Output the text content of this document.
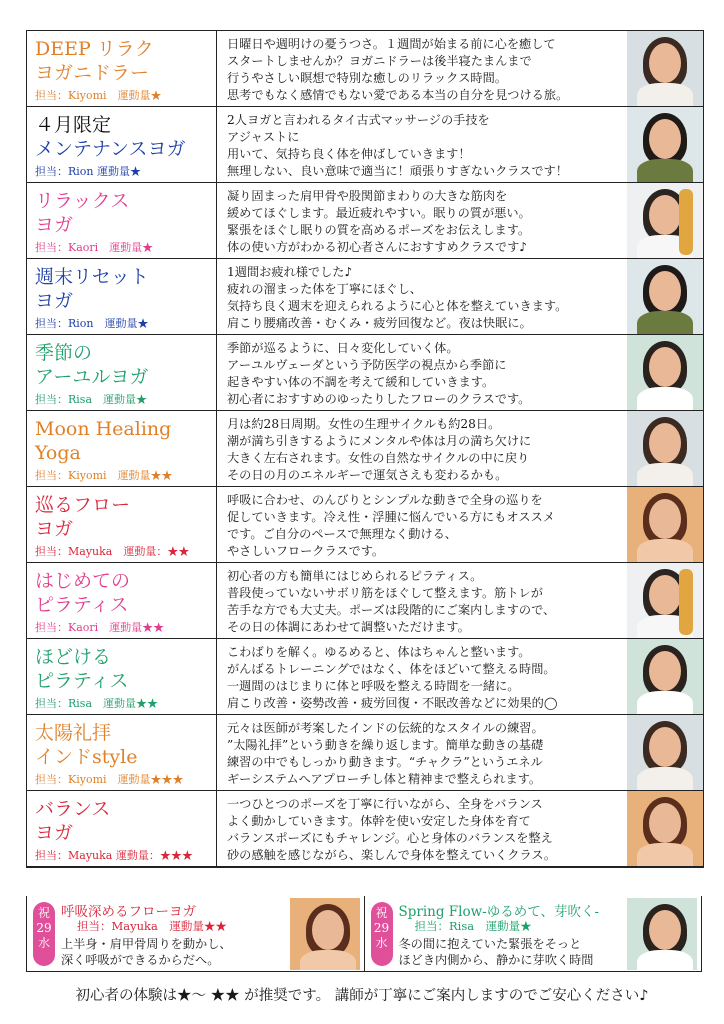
DEEP リラク
ヨガニドラー
担当：Kiyomi　運動量★
日曜日や週明けの憂うつさ。１週間が始まる前に心を癒して
スタートしませんか？ヨガニドラーは後半寝たまんまで
行うやさしい瞑想で特別な癒しのリラックス時間。
思考でもなく感情でもない愛である本当の自分を見つける旅。
４月限定
メンテナンスヨガ
担当：Rion 運動量★
2人ヨガと言われるタイ古式マッサージの手技を
アジャストに
用いて、気持ち良く体を伸ばしていきます！
無理しない、良い意味で適当に！頑張りすぎないクラスです！
リラックス
ヨガ
担当：Kaori　運動量★
凝り固まった肩甲骨や股関節まわりの大きな筋肉を
緩めてほぐします。最近疲れやすい。眠りの質が悪い。
緊張をほぐし眠りの質を高めるポーズをお伝えします。
体の使い方がわかる初心者さんにおすすめクラスです♪
週末リセット
ヨガ
担当：Rion　運動量★
1週間お疲れ様でした♪
疲れの溜まった体を丁寧にほぐし、
気持ち良く週末を迎えられるように心と体を整えていきます。
肩こり腰痛改善・むくみ・疲労回復など。夜は快眠に。
季節の
アーユルヨガ
担当：Risa　運動量★
季節が巡るように、日々変化していく体。
アーユルヴェーダという予防医学の視点から季節に
起きやすい体の不調を考えて緩和していきます。
初心者におすすめのゆったりしたフローのクラスです。
Moon Healing
Yoga
担当：Kiyomi　運動量★★
月は約28日周期。女性の生理サイクルも約28日。
潮が満ち引きするようにメンタルや体は月の満ち欠けに
大きく左右されます。女性の自然なサイクルの中に戻り
その日の月のエネルギーで運気さえも変わるかも。
巡るフロー
ヨガ
担当：Mayuka　運動量：★★
呼吸に合わせ、のんびりとシンプルな動きで全身の巡りを
促していきます。冷え性・浮腫に悩んでいる方にもオススメ
です。ご自分のペースで無理なく動ける、
やさしいフロークラスです。
はじめての
ピラティス
担当：Kaori　運動量★★
初心者の方も簡単にはじめられるピラティス。
普段使っていないサボリ筋をほぐして整えます。筋トレが
苦手な方でも大丈夫。ポーズは段階的にご案内しますので、
その日の体調にあわせて調整いただけます。
ほどける
ピラティス
担当：Risa　運動量★★
こわばりを解く。ゆるめると、体はちゃんと整います。
がんばるトレーニングではなく、体をほどいて整える時間。
一週間のはじまりに体と呼吸を整える時間を一緒に。
肩こり改善・姿勢改善・疲労回復・不眠改善などに効果的◯
太陽礼拝
インドstyle
担当：Kiyomi　運動量★★★
元々は医師が考案したインドの伝統的なスタイルの練習。
”太陽礼拝”という動きを繰り返します。簡単な動きの基礎
練習の中でもしっかり動きます。“チャクラ”というエネル
ギーシステムへアプローチし体と精神まで整えられます。
バランス
ヨガ
担当：Mayuka 運動量：★★★
一つひとつのポーズを丁寧に行いながら、全身をバランス
よく動かしていきます。体幹を使い安定した身体を育て
バランスポーズにもチャレンジ。心と身体のバランスを整え
砂の感触を感じながら、楽しんで身体を整えていくクラス。
祝
29
水
呼吸深めるフローヨガ
担当：Mayuka　運動量★★
上半身・肩甲骨周りを動かし、
深く呼吸ができるからだへ。
祝
29
水
Spring Flow-ゆるめて、芽吹く-
担当：Risa　運動量★
冬の間に抱えていた緊張をそっと
ほどき内側から、静かに芽吹く時間
初心者の体験は★〜 ★★ が推奨です。 講師が丁寧にご案内しますのでご安心ください♪
